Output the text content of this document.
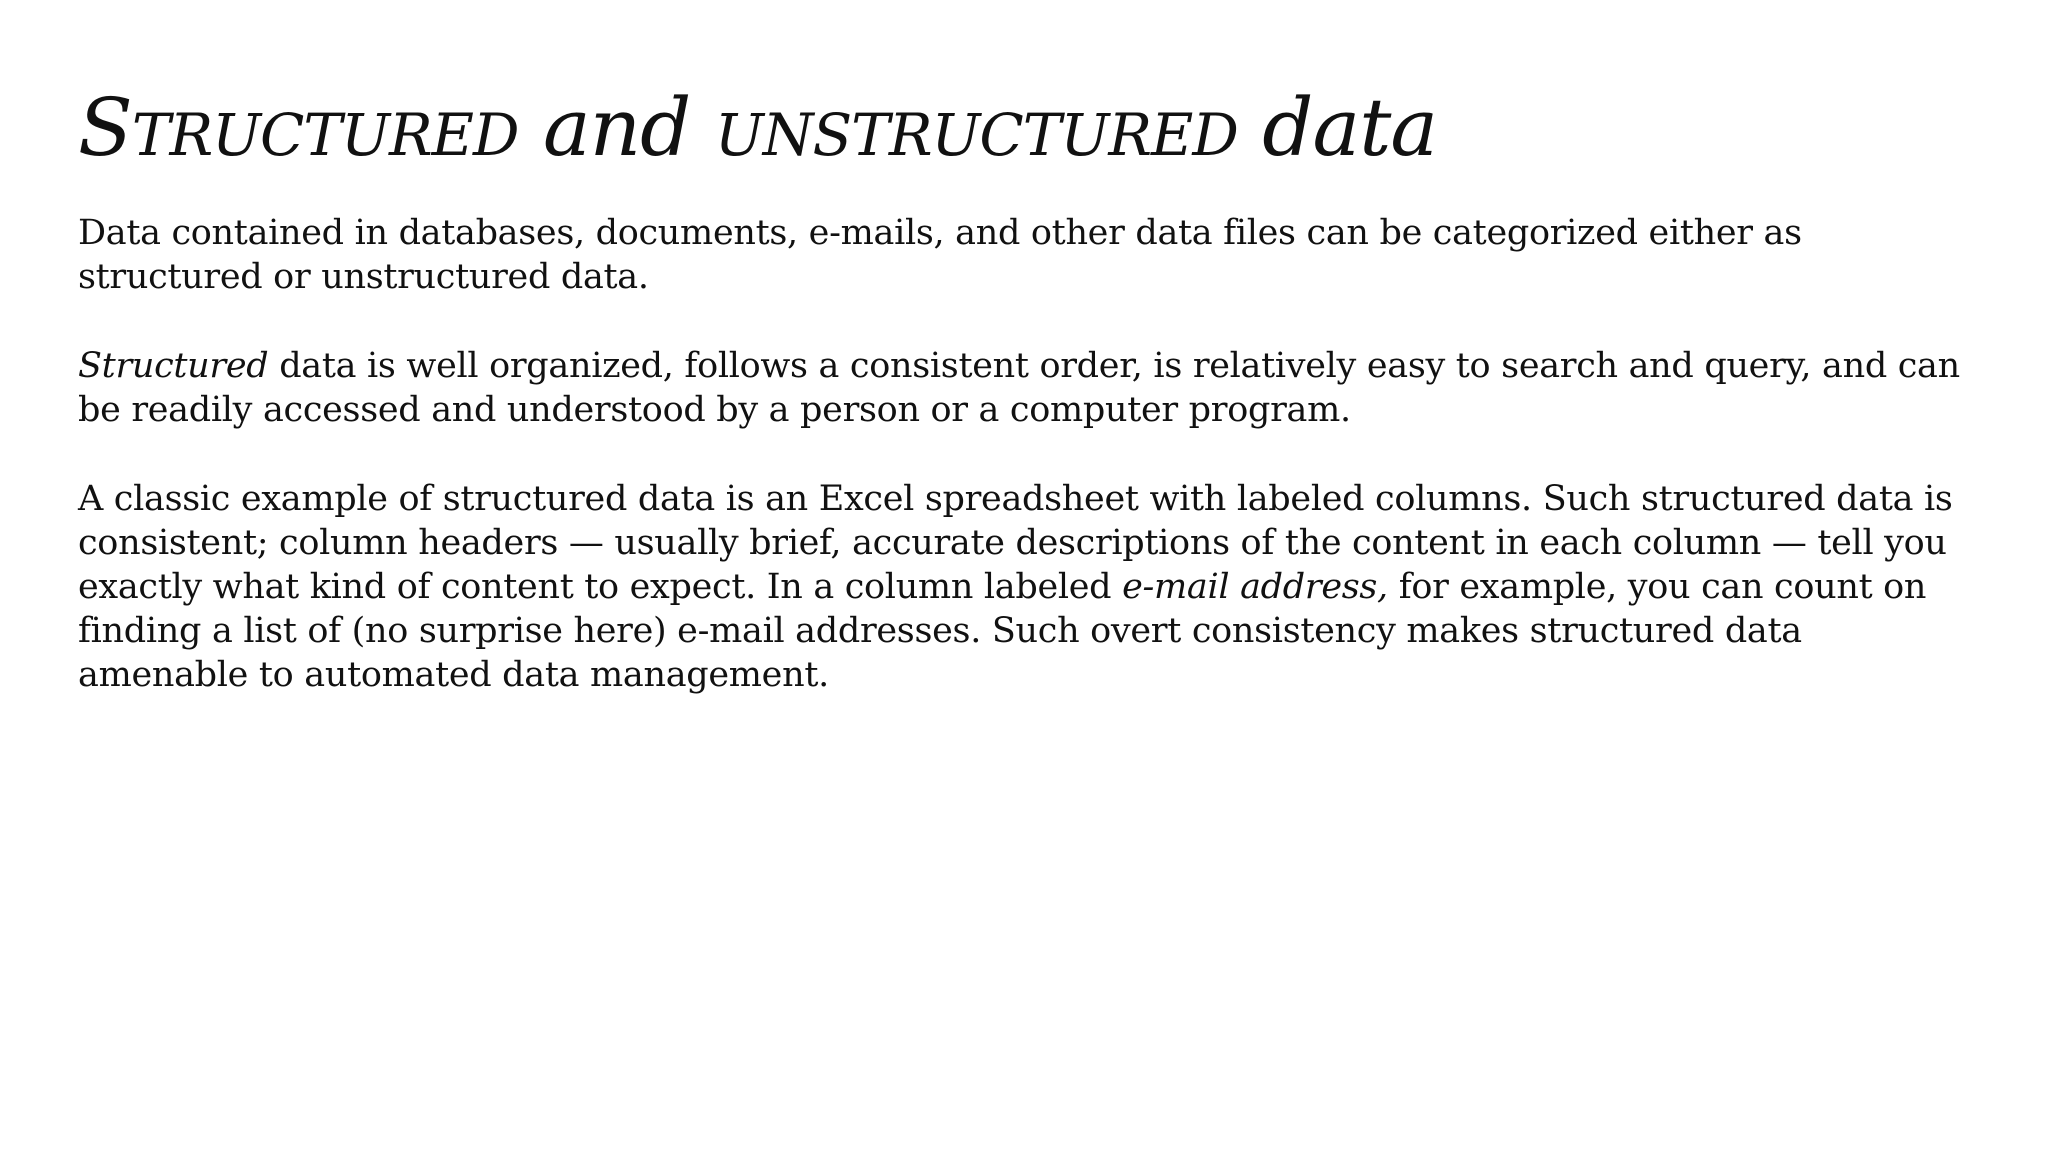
STRUCTURED and UNSTRUCTURED data

Data contained in databases, documents, e-mails, and other data files can be categorized either as structured or unstructured data.

Structured data is well organized, follows a consistent order, is relatively easy to search and query, and can be readily accessed and understood by a person or a computer program.

A classic example of structured data is an Excel spreadsheet with labeled columns. Such structured data is consistent; column headers — usually brief, accurate descriptions of the content in each column — tell you exactly what kind of content to expect. In a column labeled e-mail address, for example, you can count on finding a list of (no surprise here) e-mail addresses. Such overt consistency makes structured data amenable to automated data management.
